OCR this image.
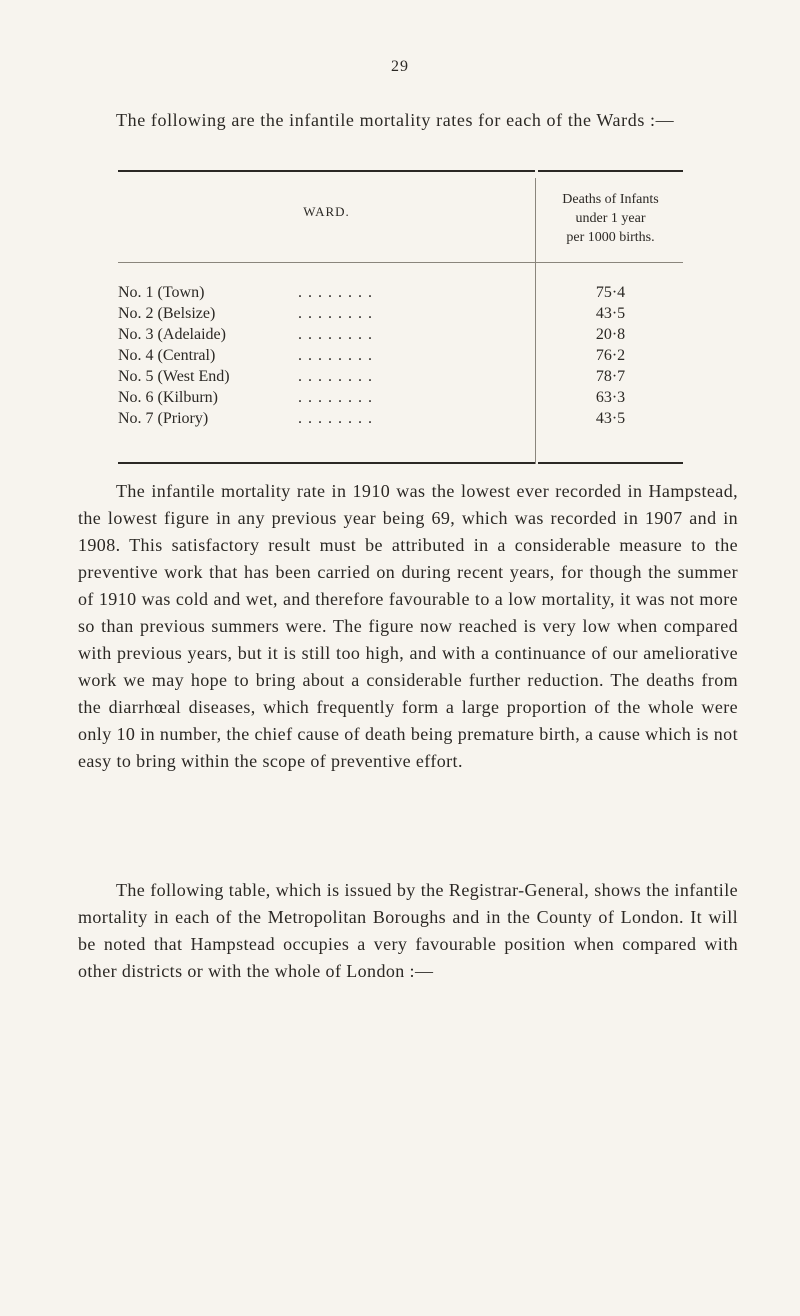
29

The following are the infantile mortality rates for each of the Wards :—

WARD.
Deaths of Infants
under 1 year
per 1000 births.
No. 1 (Town)	. . . . . . . .	75·4
No. 2 (Belsize)	. . . . . . . .	43·5
No. 3 (Adelaide)	. . . . . . . .	20·8
No. 4 (Central)	. . . . . . . .	76·2
No. 5 (West End)	. . . . . . . .	78·7
No. 6 (Kilburn)	. . . . . . . .	63·3
No. 7 (Priory)	. . . . . . . .	43·5

The infantile mortality rate in 1910 was the lowest ever recorded in Hampstead, the lowest figure in any previous year being 69, which was recorded in 1907 and in 1908. This satisfactory result must be attributed in a considerable measure to the preventive work that has been carried on during recent years, for though the summer of 1910 was cold and wet, and therefore favourable to a low mortality, it was not more so than previous summers were. The figure now reached is very low when compared with previous years, but it is still too high, and with a continuance of our ameliorative work we may hope to bring about a considerable further reduction. The deaths from the diarrhœal diseases, which frequently form a large proportion of the whole were only 10 in number, the chief cause of death being premature birth, a cause which is not easy to bring within the scope of preventive effort.

The following table, which is issued by the Registrar-General, shows the infantile mortality in each of the Metropolitan Boroughs and in the County of London. It will be noted that Hampstead occupies a very favourable position when compared with other districts or with the whole of London :—
